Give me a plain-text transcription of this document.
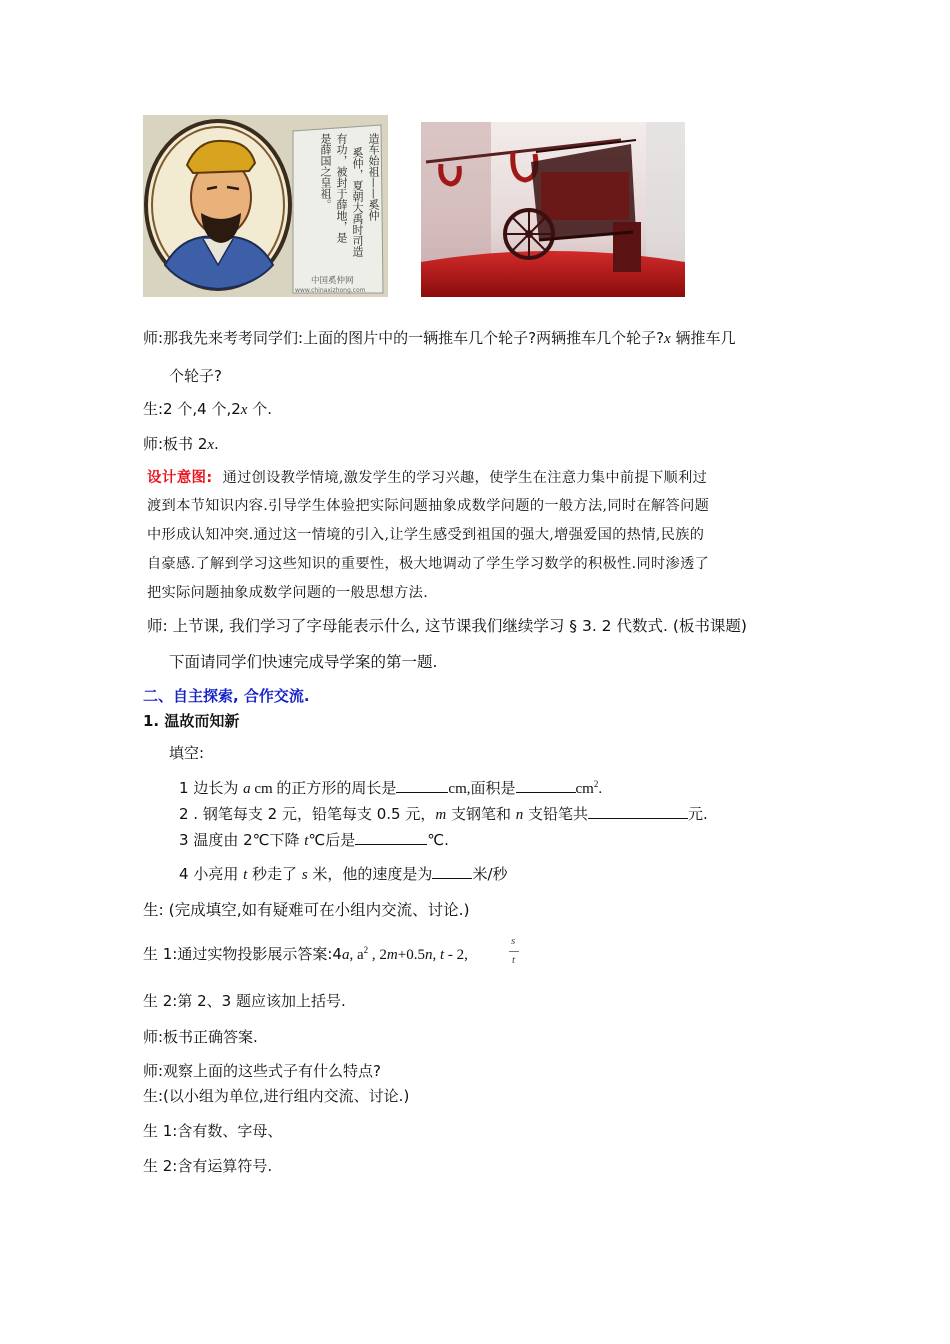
中国奚仲网
www.chinaxizhong.com
造车始祖——奚仲
奚仲，夏朝大禹时司造
有功，被封于薛地，是
是薛国之皇祖。
师:那我先来考考同学们:上面的图片中的一辆推车几个轮子?两辆推车几个轮子?x 辆推车几
个轮子?
生:2 个,4 个,2x 个.
师:板书 2x.
设计意图: 通过创设教学情境,激发学生的学习兴趣，使学生在注意力集中前提下顺利过
渡到本节知识内容.引导学生体验把实际问题抽象成数学问题的一般方法,同时在解答问题
中形成认知冲突.通过这一情境的引入,让学生感受到祖国的强大,增强爱国的热情,民族的
自豪感.了解到学习这些知识的重要性，极大地调动了学生学习数学的积极性.同时渗透了
把实际问题抽象成数学问题的一般思想方法.
师: 上节课, 我们学习了字母能表示什么, 这节课我们继续学习 § 3. 2 代数式. (板书课题)
下面请同学们快速完成导学案的第一题.
二、自主探索, 合作交流.
1. 温故而知新
填空:
1 边长为 a cm 的正方形的周长是	cm,面积是	$cm^2$.
2 . 钢笔每支 2 元，铅笔每支 0.5 元，m 支钢笔和 n 支铅笔共	元.
3 温度由 2℃下降 t℃后是	℃.
4 小亮用 t 秒走了 s 米，他的速度是为	米/秒
生: (完成填空,如有疑难可在小组内交流、讨论.)
生 1:通过实物投影展示答案:4a, $a^2$ , 2m+0.5n, t - 2,
s
t
生 2:第 2、3 题应该加上括号.
师:板书正确答案.
师:观察上面的这些式子有什么特点?
生:(以小组为单位,进行组内交流、讨论.)
生 1:含有数、字母、
生 2:含有运算符号.
